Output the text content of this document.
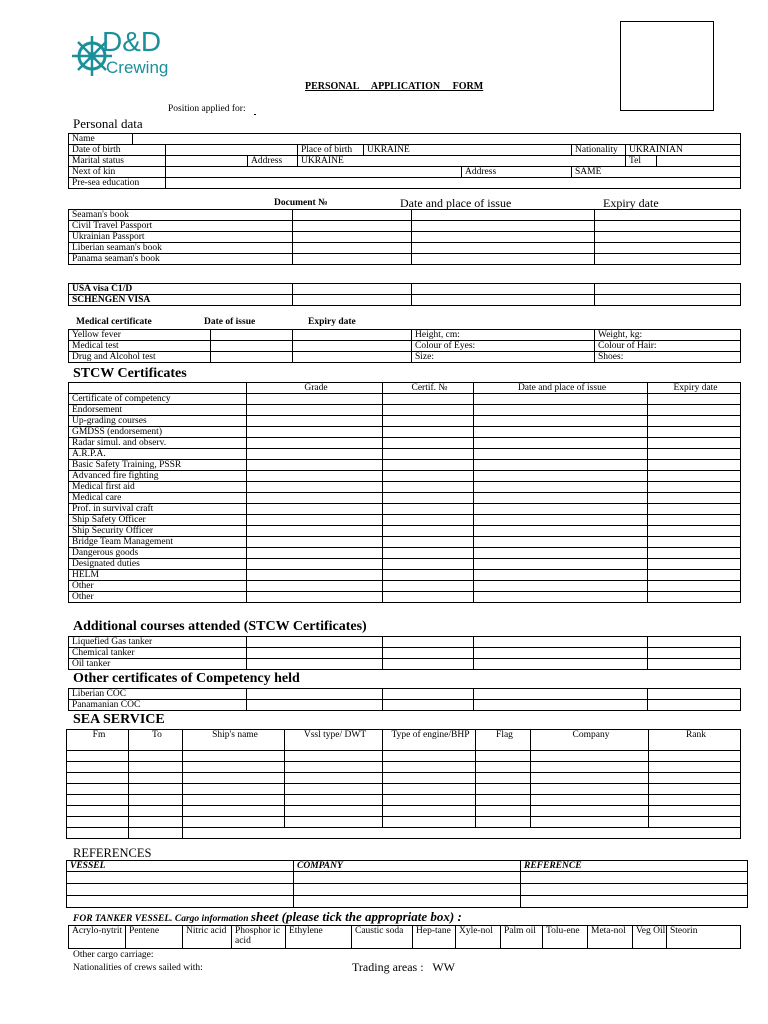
D&D
Crewing
PERSONAL     APPLICATION     FORM
Position applied for:
Personal data
Name									
Date of birth				Place of birth	UKRAINE		Nationality	UKRAINIAN	
Marital status			Address	UKRAINE				Tel	
Next of kin						Address	SAME		
Pre-sea education									
Document №	Date and place of issue	Expiry date
Seaman's book			
Civil Travel Passport			
Ukrainian Passport			
Liberian seaman's book			
Panama seaman's book			
USA visa C1/D			
SCHENGEN VISA			
Medical certificate	Date of issue	Expiry date
Yellow fever			Height, cm:	Weight, kg:
Medical test			Colour of Eyes:	Colour of Hair:
Drug and Alcohol test			Size:	Shoes:
STCW Certificates
	Grade	Certif. №	Date and place of issue	Expiry date
Certificate of competency				
Endorsement				
Up-grading courses				
GMDSS (endorsement)				
Radar simul. and observ.				
A.R.P.A.				
Basic Safety Training, PSSR				
Advanced fire fighting				
Medical first aid				
Medical care				
Prof. in survival craft				
Ship Safety Officer				
Ship Security Officer				
Bridge Team Management				
Dangerous goods				
Designated duties				
HELM				
Other				
Other				
Additional courses attended (STCW Certificates)
Liquefied Gas tanker				
Chemical tanker				
Oil tanker				
Other certificates of Competency held
Liberian COC				
Panamanian COC				
SEA SERVICE
Fm	To	Ship's name	Vssl type/ DWT	Type of engine/BHP	Flag	Company	Rank

REFERENCES
VESSEL	COMPANY	REFERENCE

FOR TANKER VESSEL. Cargo information sheet (please tick the appropriate box) :
Acrylo-nytrit	Pentene	Nitric acid	Phosphor ic acid	Ethylene	Caustic soda	Hep-tane	Xyle-nol	Palm oil	Tolu-ene	Meta-nol	Veg Oil	Steorin
Other cargo carriage:
Nationalities of crews sailed with:	Trading areas :   WW
